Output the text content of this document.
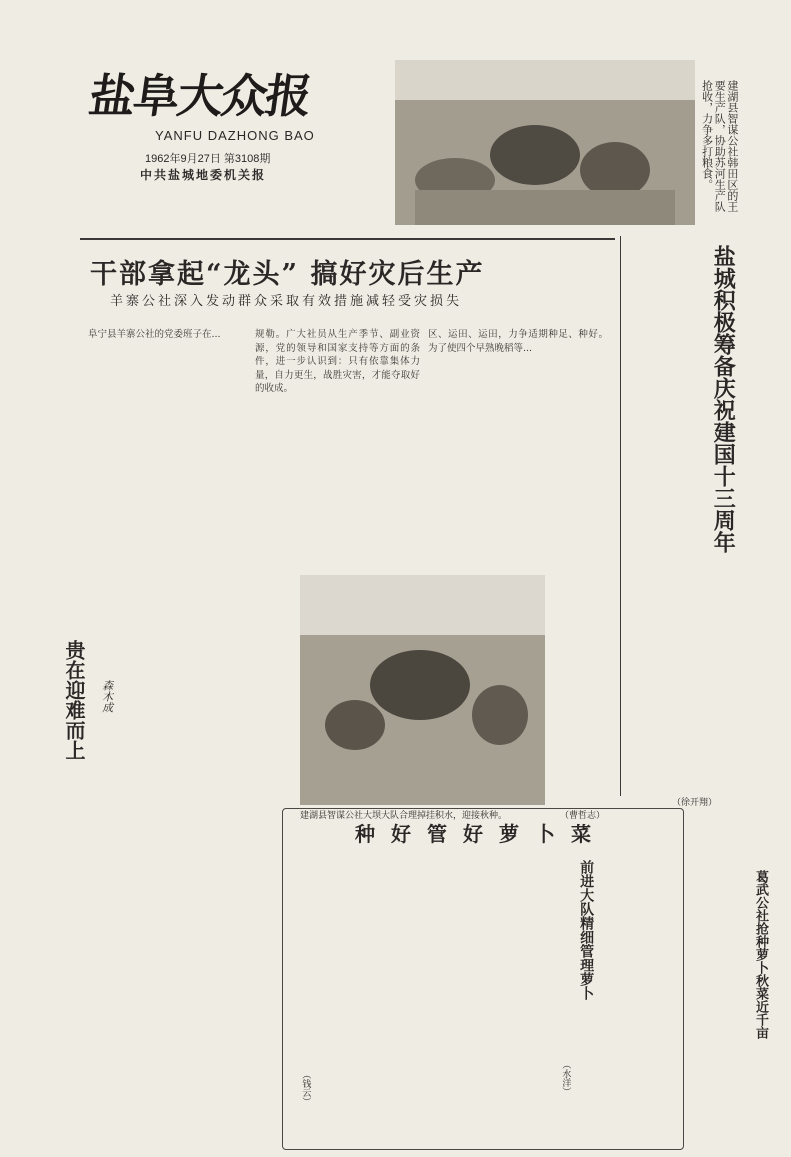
盐阜大众报
YANFU DAZHONG BAO
1962年9月27日 第3108期
中共盐城地委机关报	建湖县智谋公社韩田区的王要生产队，协助苏河生产队抢收，力争多打粮食。
干部拿起“龙头” 搞好灾后生产
羊寨公社深入发动群众采取有效措施减轻受灾损失
阜宁县羊寨公社的党委班子在...	规勒。广大社员从生产季节、副业资源，党的领导和国家支持等方面的条件，进一步认识到：只有依靠集体力量，自力更生，战胜灾害，才能夺取好的收成。
区、运田、运田，力争适期种足、种好。为了使四个早熟晚稻等...
贵在迎难而上 森木成
建湖县智谋公社大坝大队合理掉挂积水，迎接秋种。	（曹哲志）
盐城积极筹备庆祝建国十三周年
（徐开翔）
种好管好萝卜菜
前进大队精细管理萝卜
（水洋）
葛武公社抢种萝卜秋菜近千亩
（钱云）
